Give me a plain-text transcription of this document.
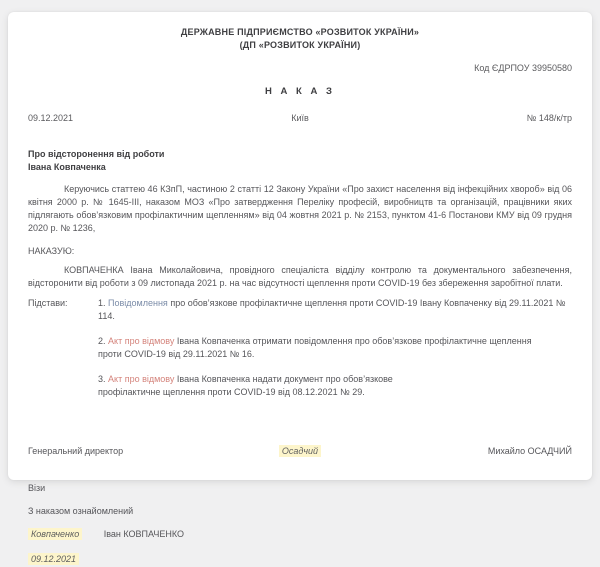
ДЕРЖАВНЕ ПІДПРИЄМСТВО «РОЗВИТОК УКРАЇНИ»
(ДП «РОЗВИТОК УКРАЇНИ)
Код ЄДРПОУ 39950580
Н А К А З
09.12.2021	Київ	№ 148/к/тр
Про відсторонення від роботи
Івана Ковпаченка
Керуючись статтею 46 КЗпП, частиною 2 статті 12 Закону України «Про захист населення від інфекційних хвороб» від 06 квітня 2000 р. № 1645-III, наказом МОЗ «Про затвердження Переліку професій, виробництв та організацій, працівники яких підлягають обов’язковим профілактичним щепленням» від 04 жовтня 2021 р. № 2153, пунктом 41-6 Постанови КМУ від 09 грудня 2020 р. № 1236,
НАКАЗУЮ:
КОВПАЧЕНКА Івана Миколайовича, провідного спеціаліста відділу контролю та документального забезпечення, відсторонити від роботи з 09 листопада 2021 р. на час відсутності щеплення проти COVID-19 без збереження заробітної плати.
Підстави:	1. Повідомлення про обов’язкове профілактичне щеплення проти COVID-19 Івану Ковпаченку від 29.11.2021 № 114.
2. Акт про відмову Івана Ковпаченка отримати повідомлення про обов’язкове профілактичне щеплення проти COVID-19 від 29.11.2021 № 16.
3. Акт про відмову Івана Ковпаченка надати документ про обов’язкове профілактичне щеплення проти COVID-19 від 08.12.2021 № 29.
Генеральний директор	Осадчий	Михайло ОСАДЧИЙ
Візи
З наказом ознайомлений
Ковпаченко	Іван КОВПАЧЕНКО
09.12.2021
